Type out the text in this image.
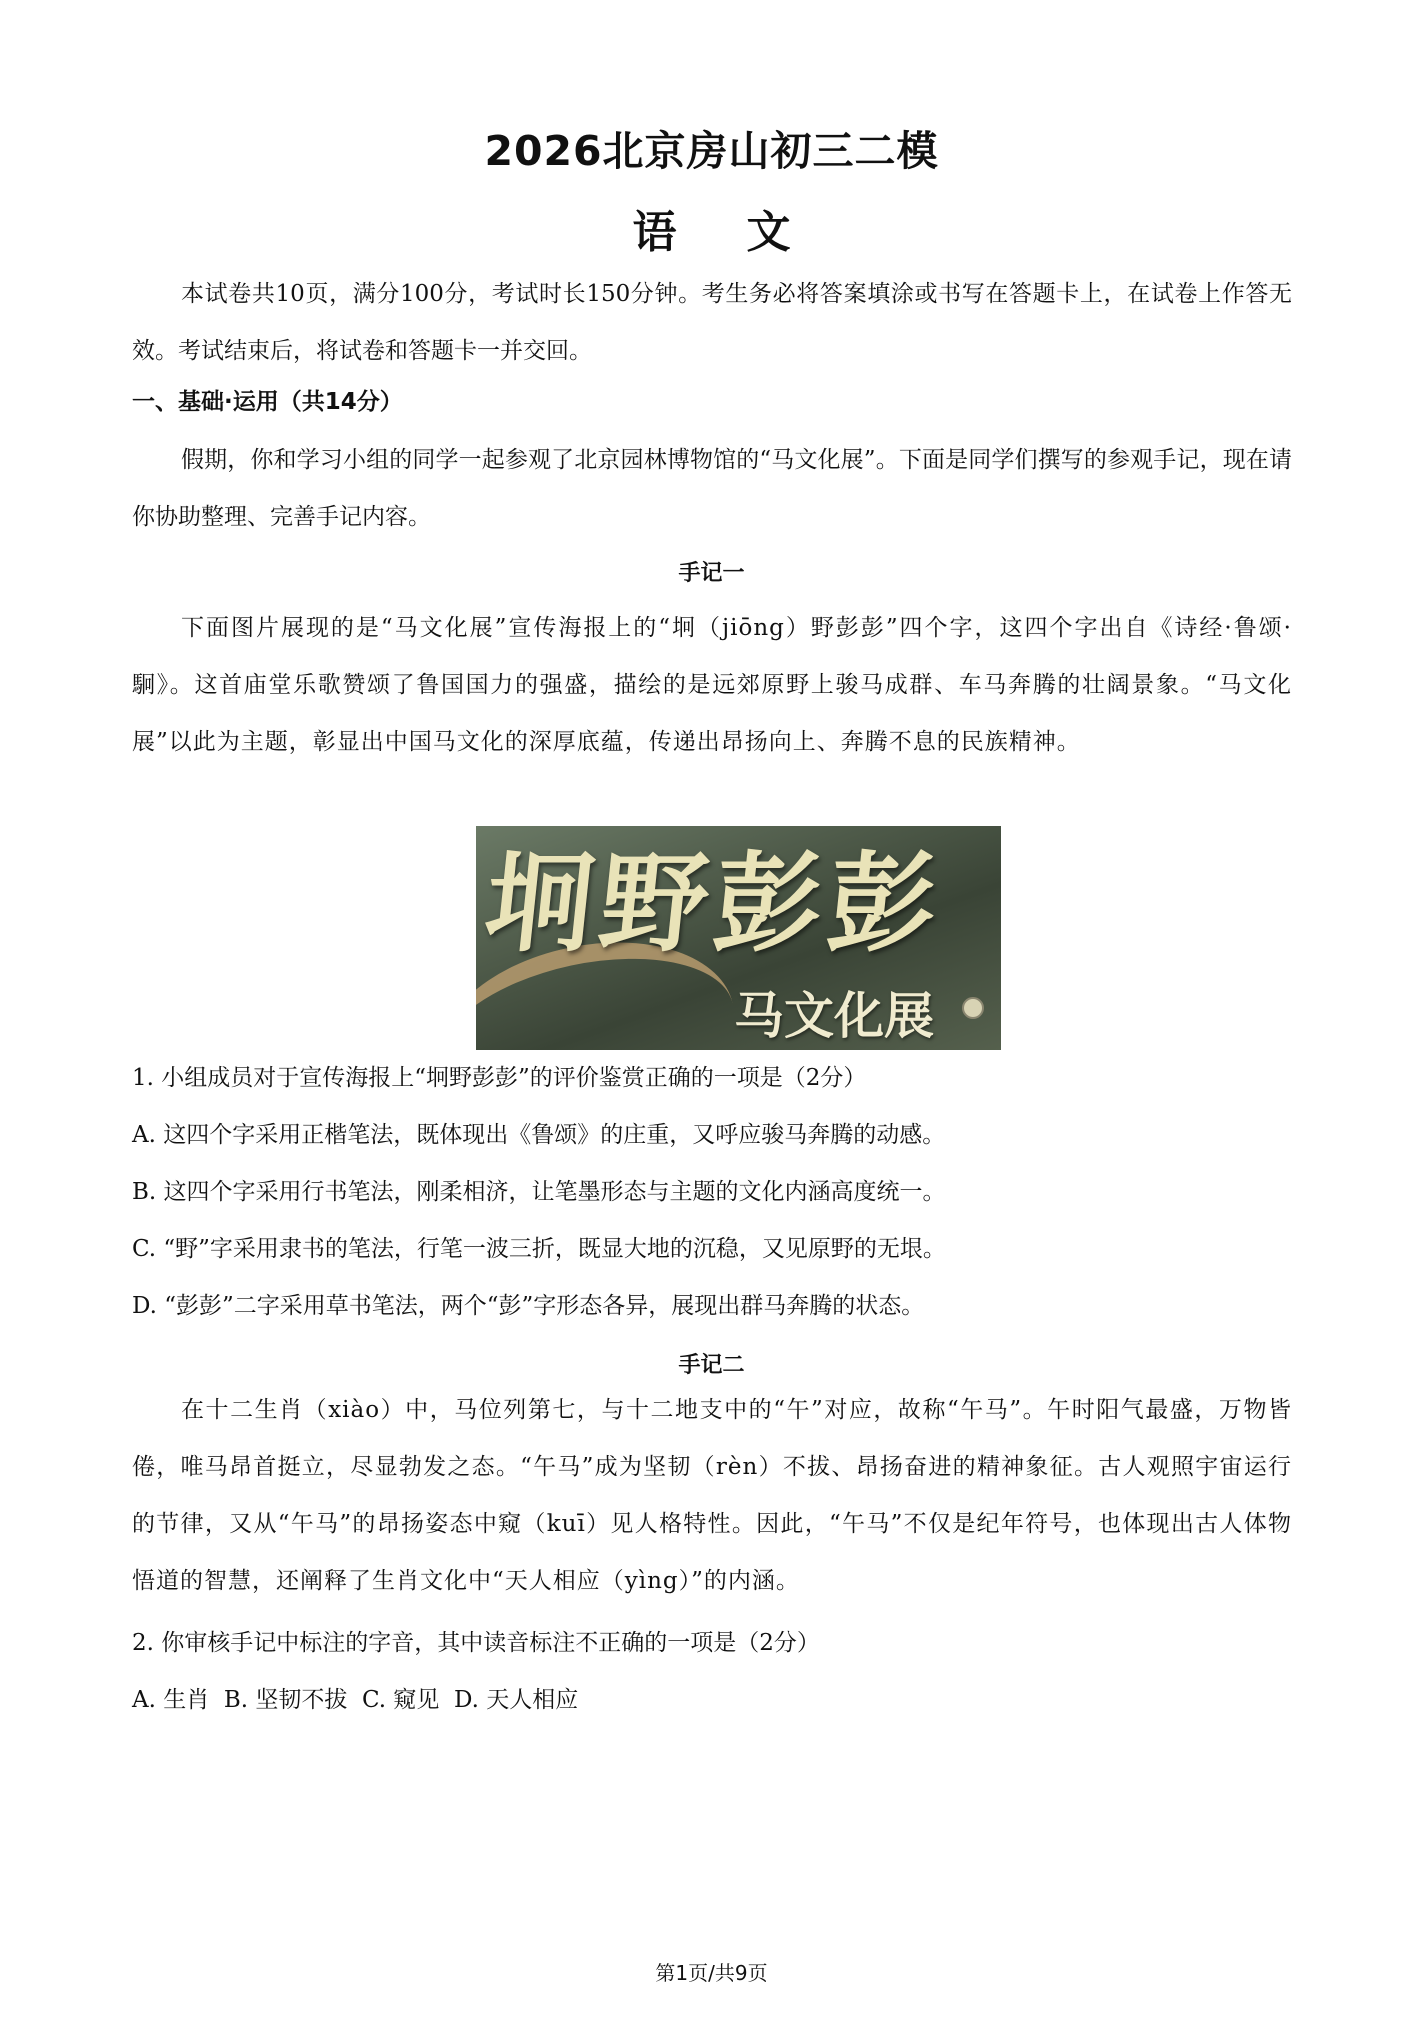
2026北京房山初三二模
语文

本试卷共10页，满分100分，考试时长150分钟。考生务必将答案填涂或书写在答题卡上，在试卷上作答无效。考试结束后，将试卷和答题卡一并交回。

一、基础·运用（共14分）

假期，你和学习小组的同学一起参观了北京园林博物馆的“马文化展”。下面是同学们撰写的参观手记，现在请你协助整理、完善手记内容。

手记一

下面图片展现的是“马文化展”宣传海报上的“坰（jiōng）野彭彭”四个字，这四个字出自《诗经·鲁颂·駉》。这首庙堂乐歌赞颂了鲁国国力的强盛，描绘的是远郊原野上骏马成群、车马奔腾的壮阔景象。“马文化展”以此为主题，彰显出中国马文化的深厚底蕴，传递出昂扬向上、奔腾不息的民族精神。

坰野彭彭
马文化展
1. 小组成员对于宣传海报上“坰野彭彭”的评价鉴赏正确的一项是（2分）
A. 这四个字采用正楷笔法，既体现出《鲁颂》的庄重，又呼应骏马奔腾的动感。
B. 这四个字采用行书笔法，刚柔相济，让笔墨形态与主题的文化内涵高度统一。
C. “野”字采用隶书的笔法，行笔一波三折，既显大地的沉稳，又见原野的无垠。
D. “彭彭”二字采用草书笔法，两个“彭”字形态各异，展现出群马奔腾的状态。
手记二

在十二生肖（xiào）中，马位列第七，与十二地支中的“午”对应，故称“午马”。午时阳气最盛，万物皆倦，唯马昂首挺立，尽显勃发之态。“午马”成为坚韧（rèn）不拔、昂扬奋进的精神象征。古人观照宇宙运行的节律，又从“午马”的昂扬姿态中窥（kuī）见人格特性。因此，“午马”不仅是纪年符号，也体现出古人体物悟道的智慧，还阐释了生肖文化中“天人相应（yìng）”的内涵。

2. 你审核手记中标注的字音，其中读音标注不正确的一项是（2分）
A. 生肖  B. 坚韧不拔  C. 窥见  D. 天人相应
第1页/共9页
